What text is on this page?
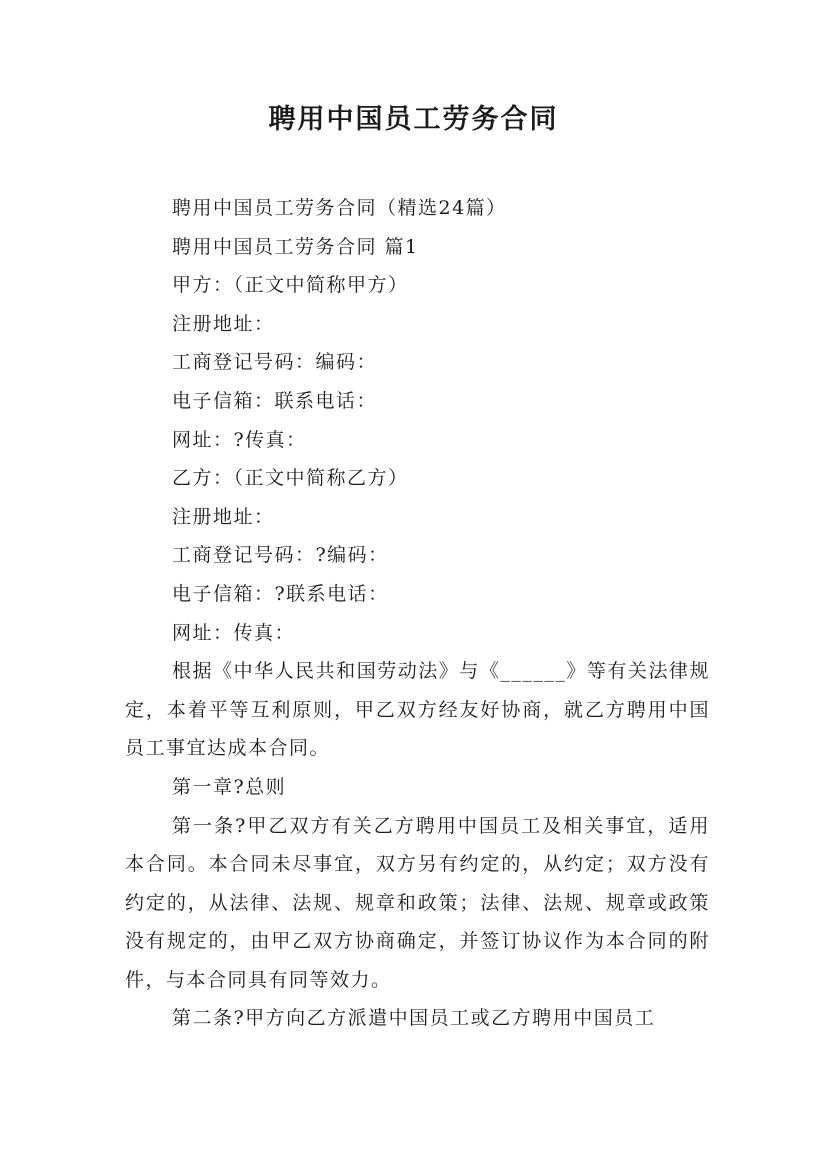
聘用中国员工劳务合同

聘用中国员工劳务合同（精选24篇）

聘用中国员工劳务合同 篇1

甲方：（正文中简称甲方）

注册地址：

工商登记号码：编码：

电子信箱：联系电话：

网址：?传真：

乙方：（正文中简称乙方）

注册地址：

工商登记号码：?编码：

电子信箱：?联系电话：

网址：传真：

根据《中华人民共和国劳动法》与《______》等有关法律规定，本着平等互利原则，甲乙双方经友好协商，就乙方聘用中国员工事宜达成本合同。

第一章?总则

第一条?甲乙双方有关乙方聘用中国员工及相关事宜，适用本合同。本合同未尽事宜，双方另有约定的，从约定；双方没有约定的，从法律、法规、规章和政策；法律、法规、规章或政策没有规定的，由甲乙双方协商确定，并签订协议作为本合同的附件，与本合同具有同等效力。

第二条?甲方向乙方派遣中国员工或乙方聘用中国员工
